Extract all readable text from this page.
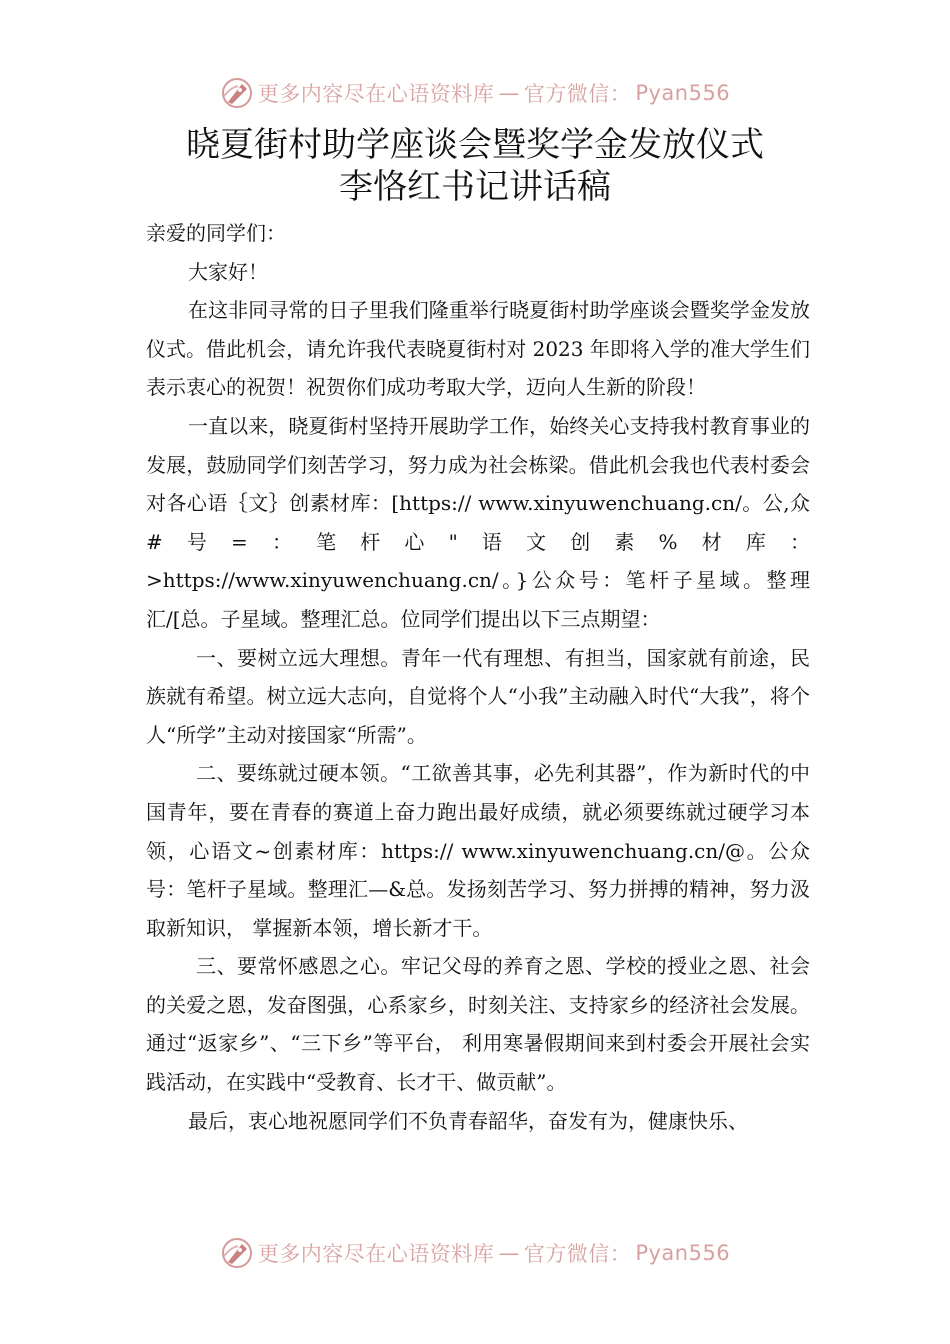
更多内容尽在心语资料库 — 官方微信： Pyan556
晓夏街村助学座谈会暨奖学金发放仪式
李恪红书记讲话稿

亲爱的同学们：

大家好！

在这非同寻常的日子里我们隆重举行晓夏街村助学座谈会暨奖学金发放仪式。借此机会，请允许我代表晓夏街村对 2023 年即将入学的准大学生们表示衷心的祝贺！祝贺你们成功考取大学，迈向人生新的阶段！

一直以来，晓夏街村坚持开展助学工作，始终关心支持我村教育事业的发展，鼓励同学们刻苦学习，努力成为社会栋梁。借此机会我也代表村委会对各心语｛文｝创素材库：[https:// www.xinyuwenchuang.cn/。公,众#号=：笔杆心"语文创素%材库：>https://www.xinyuwenchuang.cn/。}公众号：笔杆子星域。整理汇/[总。子星域。整理汇总。位同学们提出以下三点期望：

一、要树立远大理想。青年一代有理想、有担当，国家就有前途，民族就有希望。树立远大志向，自觉将个人“小我”主动融入时代“大我”，将个人“所学”主动对接国家“所需”。

二、要练就过硬本领。“工欲善其事，必先利其器”，作为新时代的中国青年，要在青春的赛道上奋力跑出最好成绩，就必须要练就过硬学习本领，心语文~创素材库：https:// www.xinyuwenchuang.cn/@。公众号：笔杆子星域。整理汇—&总。发扬刻苦学习、努力拼搏的精神，努力汲取新知识， 掌握新本领，增长新才干。

三、要常怀感恩之心。牢记父母的养育之恩、学校的授业之恩、社会的关爱之恩，发奋图强，心系家乡，时刻关注、支持家乡的经济社会发展。通过“返家乡”、“三下乡”等平台， 利用寒暑假期间来到村委会开展社会实践活动，在实践中“受教育、长才干、做贡献”。

最后，衷心地祝愿同学们不负青春韶华，奋发有为，健康快乐、

更多内容尽在心语资料库 — 官方微信： Pyan556
